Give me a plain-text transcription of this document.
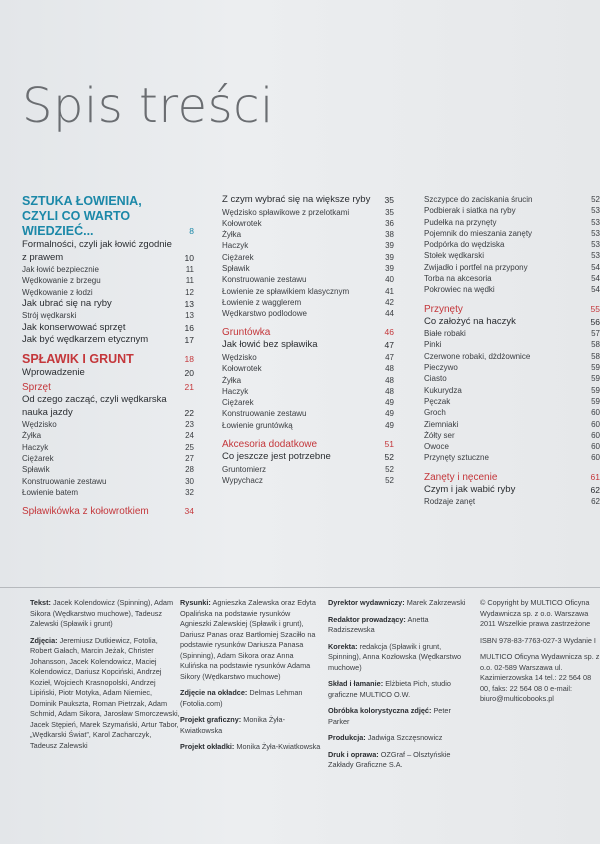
Spis treści
SZTUKA ŁOWIENIA, CZYLI CO WARTO WIEDZIEĆ...	8
Formalności, czyli jak łowić zgodnie z prawem	10
Jak łowić bezpiecznie	11
Wędkowanie z brzegu	11
Wędkowanie z łodzi	12
Jak ubrać się na ryby	13
Strój wędkarski	13
Jak konserwować sprzęt	16
Jak być wędkarzem etycznym	17
SPŁAWIK I GRUNT	18
Wprowadzenie	20
Sprzęt	21
Od czego zacząć, czyli wędkarska nauka jazdy	22
Wędzisko	23
Żyłka	24
Haczyk	25
Ciężarek	27
Spławik	28
Konstruowanie zestawu	30
Łowienie batem	32
Spławikówka z kołowrotkiem	34
Z czym wybrać się na większe ryby	35
Wędzisko spławikowe z przelotkami	35
Kołowrotek	36
Żyłka	38
Haczyk	39
Ciężarek	39
Spławik	39
Konstruowanie zestawu	40
Łowienie ze spławikiem klasycznym	41
Łowienie z wagglerem	42
Wędkarstwo podlodowe	44
Gruntówka	46
Jak łowić bez spławika	47
Wędzisko	47
Kołowrotek	48
Żyłka	48
Haczyk	48
Ciężarek	49
Konstruowanie zestawu	49
Łowienie gruntówką	49
Akcesoria dodatkowe	51
Co jeszcze jest potrzebne	52
Gruntomierz	52
Wypychacz	52
Szczypce do zaciskania śrucin	52
Podbierak i siatka na ryby	53
Pudełka na przynęty	53
Pojemnik do mieszania zanęty	53
Podpórka do wędziska	53
Stołek wędkarski	53
Zwijadło i portfel na przypony	54
Torba na akcesoria	54
Pokrowiec na wędki	54
Przynęty	55
Co założyć na haczyk	56
Białe robaki	57
Pinki	58
Czerwone robaki, dżdżownice	58
Pieczywo	59
Ciasto	59
Kukurydza	59
Pęczak	59
Groch	60
Ziemniaki	60
Żółty ser	60
Owoce	60
Przynęty sztuczne	60
Zanęty i nęcenie	61
Czym i jak wabić ryby	62
Rodzaje zanęt	62
Tekst: Jacek Kolendowicz (Spinning), Adam Sikora (Wędkarstwo muchowe), Tadeusz Zalewski (Spławik i grunt)
Zdjęcia: Jeremiusz Dutkiewicz, Fotolia, Robert Gałach, Marcin Jeżak, Christer Johansson, Jacek Kolendowicz, Maciej Kolendowicz, Dariusz Kopciński, Andrzej Kozieł, Wojciech Krasnopolski, Andrzej Lipiński, Piotr Motyka, Adam Niemiec, Dominik Pauksztа, Roman Pietrzak, Adam Schmid, Adam Sikora, Jarosław Smorczewski, Jacek Stępień, Marek Szymański, Artur Tabor, „Wędkarski Świat”, Karol Zacharczyk, Tadeusz Zalewski
Rysunki: Agnieszka Zalewska oraz Edyta Opalińska na podstawie rysunków Agnieszki Zalewskiej (Spławik i grunt), Dariusz Panas oraz Bartłomiej Szaciłło na podstawie rysunków Dariusza Panasa (Spinning), Adam Sikora oraz Anna Kulińska na podstawie rysunków Adama Sikory (Wędkarstwo muchowe)
Zdjęcie na okładce: Delmas Lehman (Fotolia.com)
Projekt graficzny: Monika Żyła-Kwiatkowska
Projekt okładki: Monika Żyła-Kwiatkowska
Dyrektor wydawniczy: Marek Zakrzewski
Redaktor prowadzący: Anetta Radziszewska
Korekta: redakcja (Spławik i grunt, Spinning), Anna Kozłowska (Wędkarstwo muchowe)
Skład i łamanie: Elżbieta Pich, studio graficzne MULTICO O.W.
Obróbka kolorystyczna zdjęć: Peter Parker
Produkcja: Jadwiga Szczęsnowicz
Druk i oprawa: OZGraf – Olsztyńskie Zakłady Graficzne S.A.
© Copyright by MULTICO Oficyna Wydawnicza sp. z o.o. Warszawa 2011 Wszelkie prawa zastrzeżone
ISBN 978-83-7763-027-3 Wydanie I
MULTICO Oficyna Wydawnicza sp. z o.o. 02-589 Warszawa ul. Kazimierzowska 14 tel.: 22 564 08 00, faks: 22 564 08 0 e-mail: biuro@multicobooks.pl
